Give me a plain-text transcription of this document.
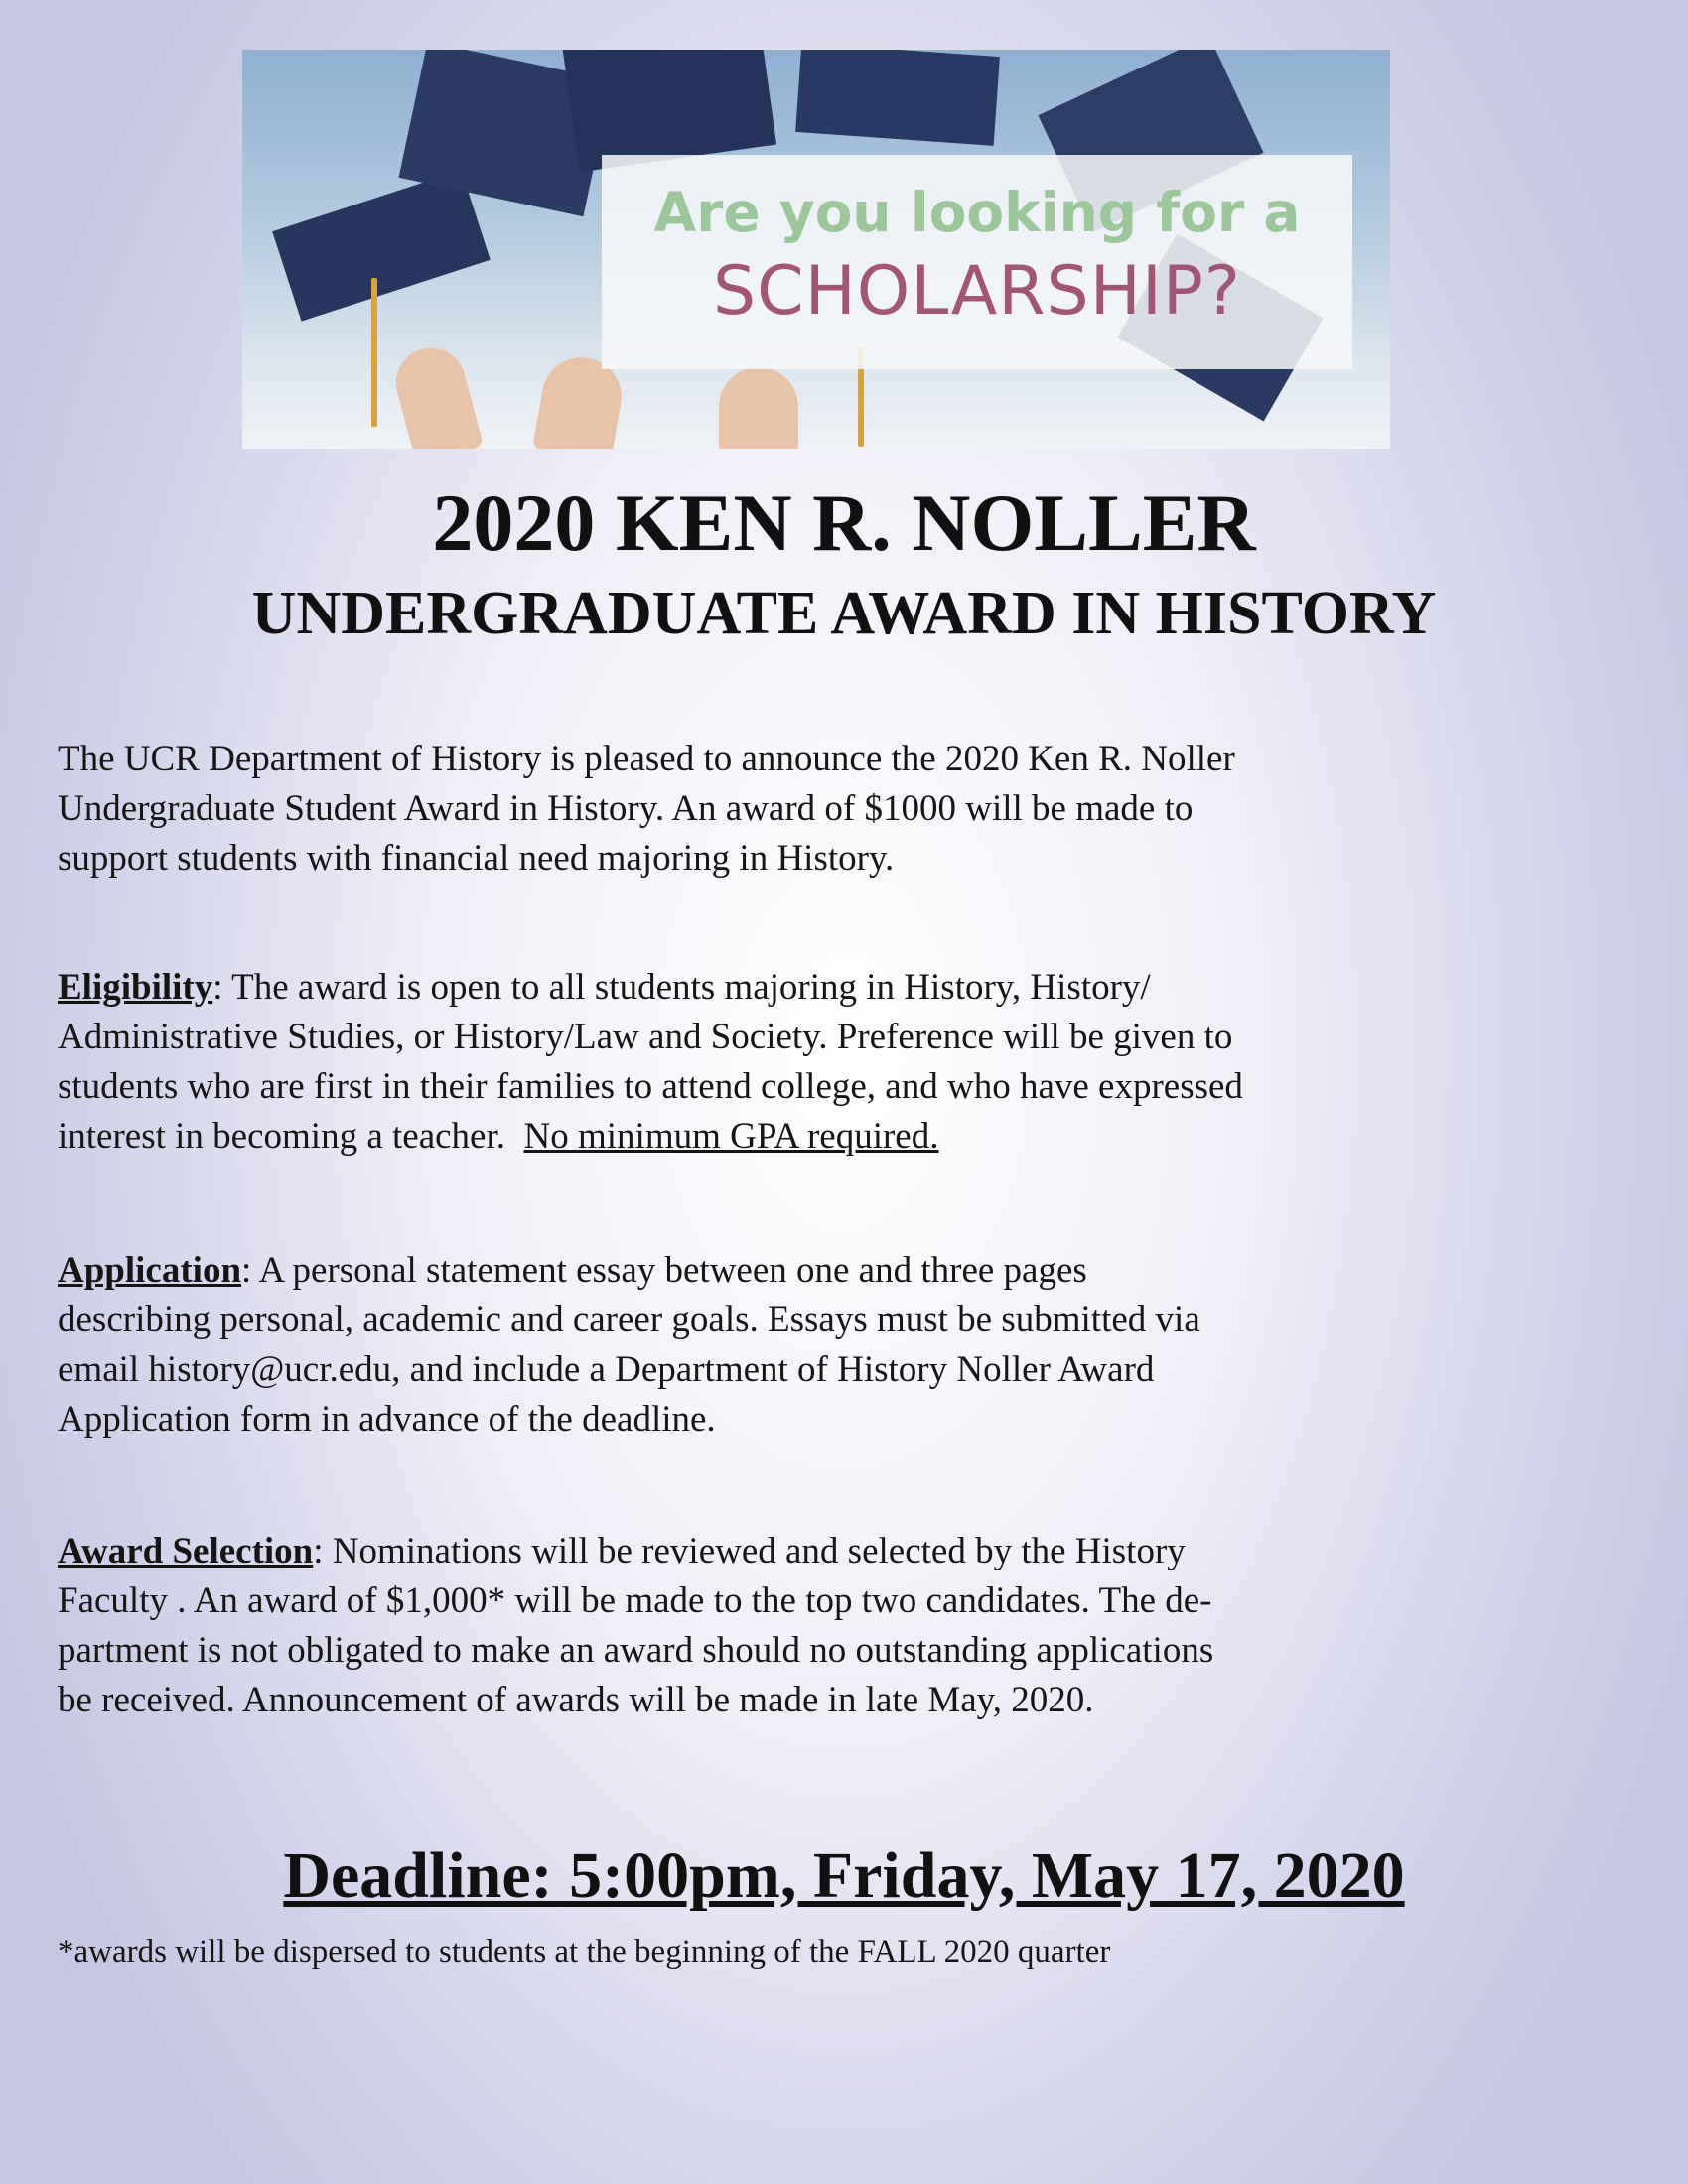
Are you looking for a
SCHOLARSHIP?
2020 KEN R. NOLLER
UNDERGRADUATE AWARD IN HISTORY

The UCR Department of History is pleased to announce the 2020 Ken R. Noller
Undergraduate Student Award in History. An award of $1000 will be made to
support students with financial need majoring in History.

Eligibility: The award is open to all students majoring in History, History/
Administrative Studies, or History/Law and Society. Preference will be given to
students who are first in their families to attend college, and who have expressed
interest in becoming a teacher.  No minimum GPA required.

Application: A personal statement essay between one and three pages
describing personal, academic and career goals. Essays must be submitted via
email history@ucr.edu, and include a Department of History Noller Award
Application form in advance of the deadline.

Award Selection: Nominations will be reviewed and selected by the History
Faculty . An award of $1,000* will be made to the top two candidates. The de-
partment is not obligated to make an award should no outstanding applications
be received. Announcement of awards will be made in late May, 2020.

Deadline: 5:00pm, Friday, May 17, 2020
*awards will be dispersed to students at the beginning of the FALL 2020 quarter
